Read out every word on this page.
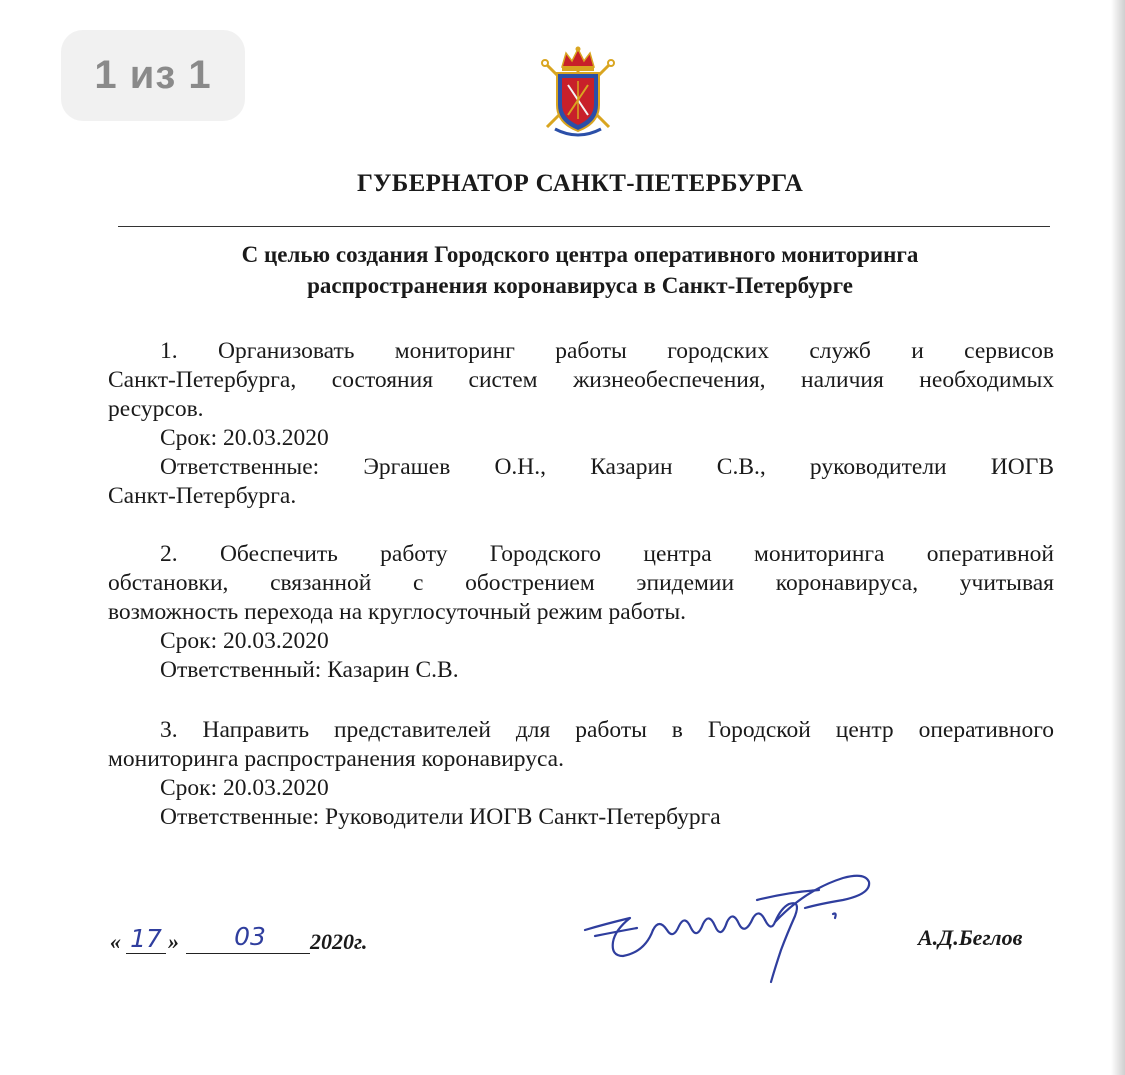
1 из 1
ГУБЕРНАТОР САНКТ-ПЕТЕРБУРГА
С целью создания Городского центра оперативного мониторинга
распространения коронавируса в Санкт-Петербурге
1. Организовать мониторинг работы городских служб и сервисов
Санкт-Петербурга, состояния систем жизнеобеспечения, наличия необходимых
ресурсов.
Срок: 20.03.2020
Ответственные: Эргашев О.Н., Казарин С.В., руководители ИОГВ
Санкт-Петербурга.
2. Обеспечить работу Городского центра мониторинга оперативной
обстановки, связанной с обострением эпидемии коронавируса, учитывая
возможность перехода на круглосуточный режим работы.
Срок: 20.03.2020
Ответственный: Казарин С.В.
3. Направить представителей для работы в Городской центр оперативного
мониторинга распространения коронавируса.
Срок: 20.03.2020
Ответственные: Руководители ИОГВ Санкт-Петербурга
« 17 »	03	2020г.	А.Д.Беглов
